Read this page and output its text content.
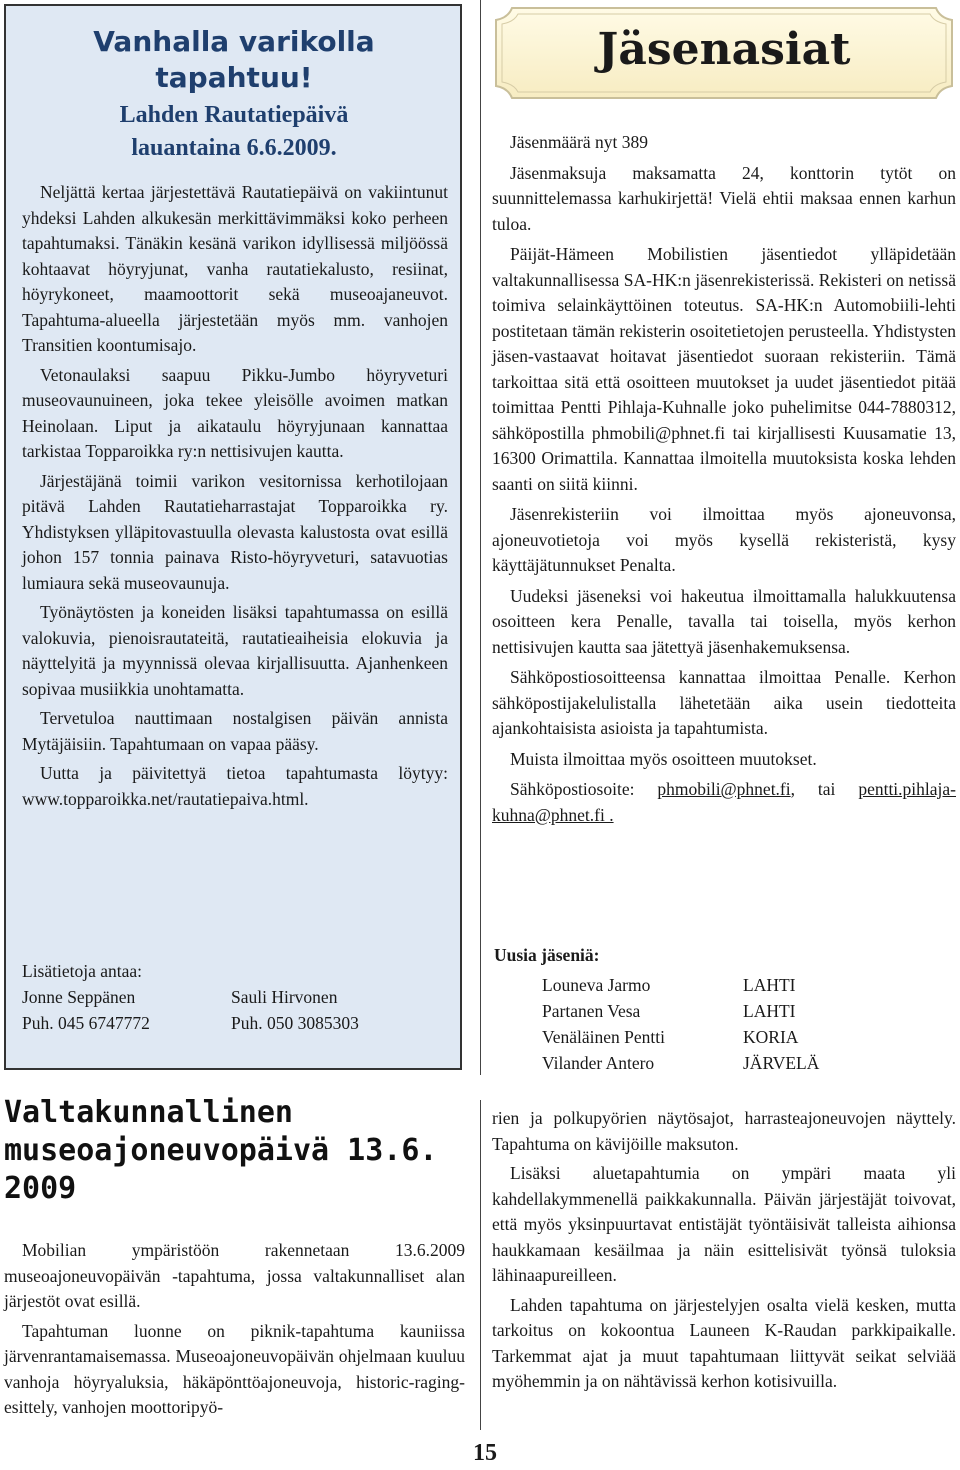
Vanhalla varikolla
tapahtuu!
Lahden Rautatiepäivä
lauantaina 6.6.2009.

Neljättä kertaa järjestettävä Rautatiepäivä on vakiintunut yhdeksi Lahden alkukesän merkittävimmäksi koko perheen tapahtumaksi. Tänäkin kesänä varikon idyllisessä miljöössä kohtaavat höyryjunat, vanha rautatiekalusto, resiinat, höyrykoneet, maamoottorit sekä museoajaneuvot. Tapahtuma-alueella järjestetään myös mm. vanhojen Transitien koontumisajo.

Vetonaulaksi saapuu Pikku-Jumbo höyryveturi museovaunuineen, joka tekee yleisölle avoimen matkan Heinolaan. Liput ja aikataulu höyryjunaan kannattaa tarkistaa Topparoikka ry:n nettisivujen kautta.

Järjestäjänä toimii varikon vesitornissa kerhotilojaan pitävä Lahden Rautatieharrastajat Topparoikka ry. Yhdistyksen ylläpitovastuulla olevasta kalustosta ovat esillä johon 157 tonnia painava Risto-höyryveturi, satavuotias lumiaura sekä museovaunuja.

Työnäytösten ja koneiden lisäksi tapahtumassa on esillä valokuvia, pienoisrautateitä, rautatieaiheisia elokuvia ja näyttelyitä ja myynnissä olevaa kirjallisuutta. Ajanhenkeen sopivaa musiikkia unohtamatta.

Tervetuloa nauttimaan nostalgisen päivän annista Mytäjäisiin. Tapahtumaan on vapaa pääsy.

Uutta ja päivitettyä tietoa tapahtumasta löytyy: www.topparoikka.net/rautatiepaiva.html.

Lisätietoja antaa:
Jonne Seppänen	Sauli Hirvonen
Puh. 045 6747772	Puh. 050 3085303
Jäsenasiat

Jäsenmäärä nyt 389

Jäsenmaksuja maksamatta 24, konttorin tytöt on suunnittelemassa karhukirjettä! Vielä ehtii maksaa ennen karhun tuloa.

Päijät-Hämeen Mobilistien jäsentiedot ylläpidetään valtakunnallisessa SA-HK:n jäsenrekisterissä. Rekisteri on netissä toimiva selainkäyttöinen toteutus. SA-HK:n Automobiili-lehti postitetaan tämän rekisterin osoitetietojen perusteella. Yhdistysten jäsen-vastaavat hoitavat jäsentiedot suoraan rekisteriin. Tämä tarkoittaa sitä että osoitteen muutokset ja uudet jäsentiedot pitää toimittaa Pentti Pihlaja-Kuhnalle joko puhelimitse 044-7880312, sähköpostilla phmobili@phnet.fi tai kirjallisesti Kuusamatie 13, 16300 Orimattila. Kannattaa ilmoitella muutoksista koska lehden saanti on siitä kiinni.

Jäsenrekisteriin voi ilmoittaa myös ajoneuvonsa, ajoneuvotietoja voi myös kysellä rekisteristä, kysy käyttäjätunnukset Penalta.

Uudeksi jäseneksi voi hakeutua ilmoittamalla halukkuutensa osoitteen kera Penalle, tavalla tai toisella, myös kerhon nettisivujen kautta saa jätettyä jäsenhakemuksensa.

Sähköpostiosoitteensa kannattaa ilmoittaa Penalle. Kerhon sähköpostijakelulistalla lähetetään aika usein tiedotteita ajankohtaisista asioista ja tapahtumista.

Muista ilmoittaa myös osoitteen muutokset.

Sähköpostiosoite: phmobili@phnet.fi, tai pentti.pihlaja-kuhna@phnet.fi .

Uusia jäseniä:
Louneva Jarmo	LAHTI
Partanen Vesa	LAHTI
Venäläinen Pentti	KORIA
Vilander Antero	JÄRVELÄ
Valtakunnallinen museoajoneuvopäivä 13.6. 2009

Mobilian ympäristöön rakennetaan 13.6.2009 museoajoneuvopäivän -tapahtuma, jossa valtakunnalliset alan järjestöt ovat esillä.

Tapahtuman luonne on piknik-tapahtuma kauniissa järvenrantamaisemassa. Museoajoneuvopäivän ohjelmaan kuuluu vanhoja höyryaluksia, häkäpönttöajoneuvoja, historic-raging-esittely, vanhojen moottoripyö-

rien ja polkupyörien näytösajot, harrasteajoneuvojen näyttely. Tapahtuma on kävijöille maksuton.

Lisäksi aluetapahtumia on ympäri maata yli kahdellakymmenellä paikkakunnalla. Päivän järjestäjät toivovat, että myös yksinpuurtavat entistäjät työntäisivät talleista aihionsa haukkamaan kesäilmaa ja näin esittelisivät työnsä tuloksia lähinaapureilleen.

Lahden tapahtuma on järjestelyjen osalta vielä kesken, mutta tarkoitus on kokoontua Launeen K-Raudan parkkipaikalle. Tarkemmat ajat ja muut tapahtumaan liittyvät seikat selviää myöhemmin ja on nähtävissä kerhon kotisivuilla.

15
